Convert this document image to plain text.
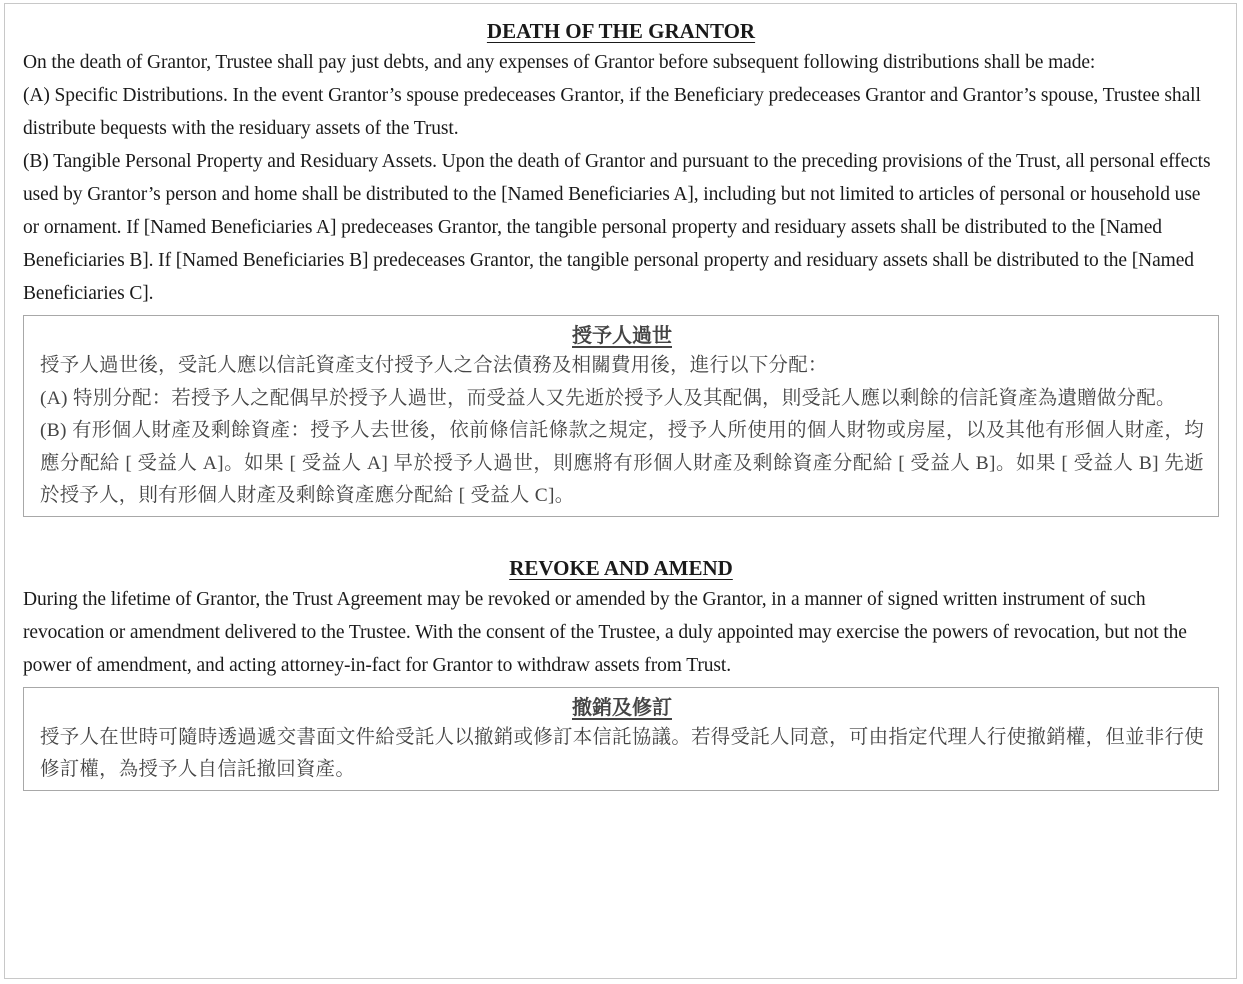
DEATH OF THE GRANTOR

On the death of Grantor, Trustee shall pay just debts, and any expenses of Grantor before subsequent following distributions shall be made:

(A) Specific Distributions. In the event Grantor’s spouse predeceases Grantor, if the Beneficiary predeceases Grantor and Grantor’s spouse, Trustee shall distribute bequests with the residuary assets of the Trust.

(B) Tangible Personal Property and Residuary Assets. Upon the death of Grantor and pursuant to the preceding provisions of the Trust, all personal effects used by Grantor’s person and home shall be distributed to the [Named Beneficiaries A], including but not limited to articles of personal or household use or ornament. If [Named Beneficiaries A] predeceases Grantor, the tangible personal property and residuary assets shall be distributed to the [Named Beneficiaries B]. If [Named Beneficiaries B] predeceases Grantor, the tangible personal property and residuary assets shall be distributed to the [Named Beneficiaries C].

授予人過世

授予人過世後，受託人應以信託資產支付授予人之合法債務及相關費用後，進行以下分配：

(A) 特別分配：若授予人之配偶早於授予人過世，而受益人又先逝於授予人及其配偶，則受託人應以剩餘的信託資產為遺贈做分配。

(B) 有形個人財產及剩餘資產：授予人去世後，依前條信託條款之規定，授予人所使用的個人財物或房屋，以及其他有形個人財產，均應分配給 [ 受益人 A]。如果 [ 受益人 A] 早於授予人過世，則應將有形個人財產及剩餘資產分配給 [ 受益人 B]。如果 [ 受益人 B] 先逝於授予人，則有形個人財產及剩餘資產應分配給 [ 受益人 C]。

REVOKE AND AMEND

During the lifetime of Grantor, the Trust Agreement may be revoked or amended by the Grantor, in a manner of signed written instrument of such revocation or amendment delivered to the Trustee. With the consent of the Trustee, a duly appointed may exercise the powers of revocation, but not the power of amendment, and acting attorney-in-fact for Grantor to withdraw assets from Trust.

撤銷及修訂

授予人在世時可隨時透過遞交書面文件給受託人以撤銷或修訂本信託協議。若得受託人同意，可由指定代理人行使撤銷權，但並非行使修訂權，為授予人自信託撤回資產。
